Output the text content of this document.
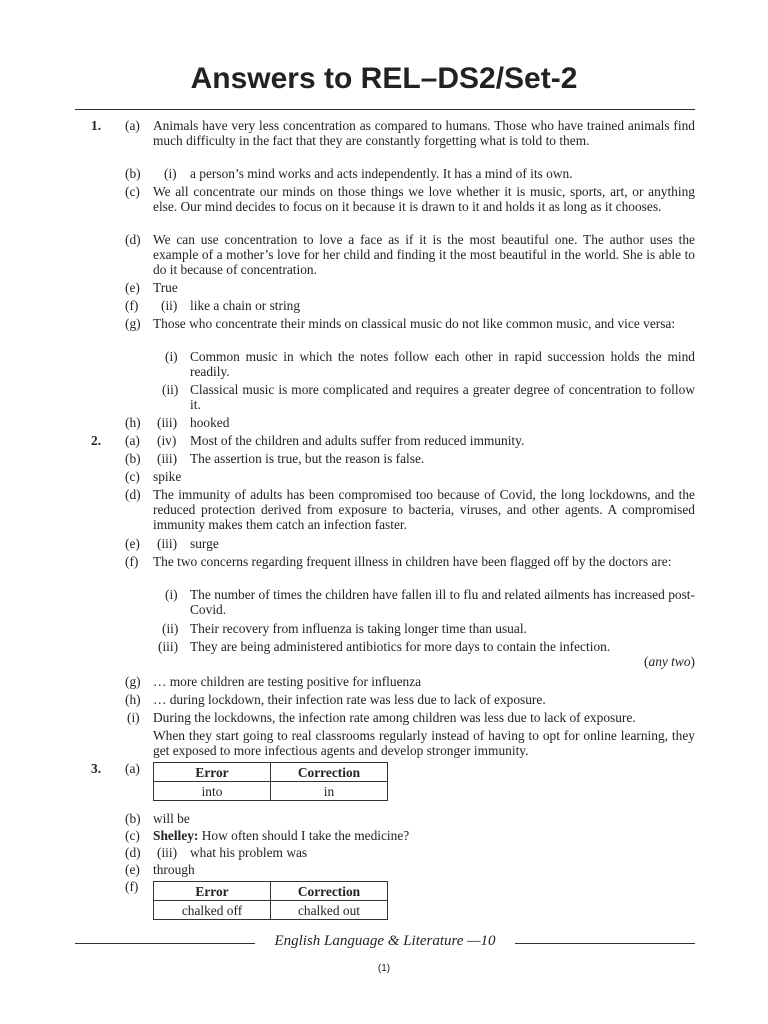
Answers to REL–DS2/Set-2
1. (a) Animals have very less concentration as compared to humans. Those who have trained animals find much difficulty in the fact that they are constantly forgetting what is told to them.
(b) (i) a person’s mind works and acts independently. It has a mind of its own.
(c) We all concentrate our minds on those things we love whether it is music, sports, art, or anything else. Our mind decides to focus on it because it is drawn to it and holds it as long as it chooses.
(d) We can use concentration to love a face as if it is the most beautiful one. The author uses the example of a mother’s love for her child and finding it the most beautiful in the world. She is able to do it because of concentration.
(e) True
(f) (ii) like a chain or string
(g) Those who concentrate their minds on classical music do not like common music, and vice versa:
(i) Common music in which the notes follow each other in rapid succession holds the mind readily.
(ii) Classical music is more complicated and requires a greater degree of concentration to follow it.
(h) (iii) hooked
2. (a) (iv) Most of the children and adults suffer from reduced immunity.
(b) (iii) The assertion is true, but the reason is false.
(c) spike
(d) The immunity of adults has been compromised too because of Covid, the long lockdowns, and the reduced protection derived from exposure to bacteria, viruses, and other agents. A compromised immunity makes them catch an infection faster.
(e) (iii) surge
(f) The two concerns regarding frequent illness in children have been flagged off by the doctors are:
(i) The number of times the children have fallen ill to flu and related ailments has increased post-Covid.
(ii) Their recovery from influenza is taking longer time than usual.
(iii) They are being administered antibiotics for more days to contain the infection.
(any two)
(g) … more children are testing positive for influenza
(h) … during lockdown, their infection rate was less due to lack of exposure.
(i) During the lockdowns, the infection rate among children was less due to lack of exposure.
When they start going to real classrooms regularly instead of having to opt for online learning, they get exposed to more infectious agents and develop stronger immunity.
3. (a)	Error	Correction
into	in
(b) will be
(c) Shelley: How often should I take the medicine?
(d) (iii) what his problem was
(e) through
(f)	Error	Correction
chalked off	chalked out
English Language & Literature —10
(1)
